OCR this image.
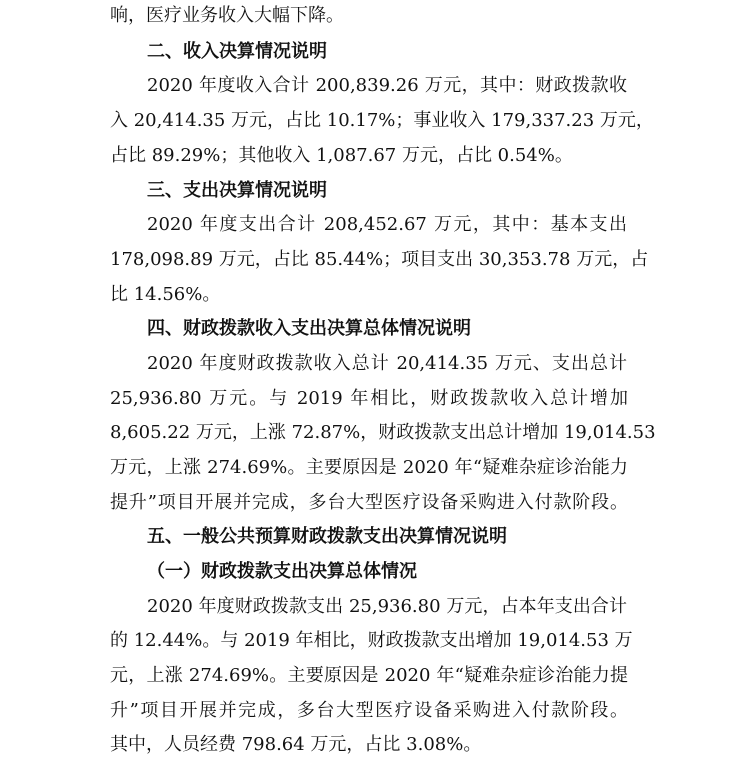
响，医疗业务收入大幅下降。
二、收入决算情况说明
2020 年度收入合计 200,839.26 万元，其中：财政拨款收
入 20,414.35 万元，占比 10.17%；事业收入 179,337.23 万元，
占比 89.29%；其他收入 1,087.67 万元，占比 0.54%。
三、支出决算情况说明
2020 年度支出合计 208,452.67 万元，其中：基本支出
178,098.89 万元，占比 85.44%；项目支出 30,353.78 万元，占
比 14.56%。
四、财政拨款收入支出决算总体情况说明
2020 年度财政拨款收入总计 20,414.35 万元、支出总计
25,936.80 万元。与 2019 年相比，财政拨款收入总计增加
8,605.22 万元，上涨 72.87%，财政拨款支出总计增加 19,014.53
万元，上涨 274.69%。主要原因是 2020 年“疑难杂症诊治能力
提升”项目开展并完成，多台大型医疗设备采购进入付款阶段。
五、一般公共预算财政拨款支出决算情况说明
（一）财政拨款支出决算总体情况
2020 年度财政拨款支出 25,936.80 万元，占本年支出合计
的 12.44%。与 2019 年相比，财政拨款支出增加 19,014.53 万
元，上涨 274.69%。主要原因是 2020 年“疑难杂症诊治能力提
升”项目开展并完成，多台大型医疗设备采购进入付款阶段。
其中，人员经费 798.64 万元，占比 3.08%。
